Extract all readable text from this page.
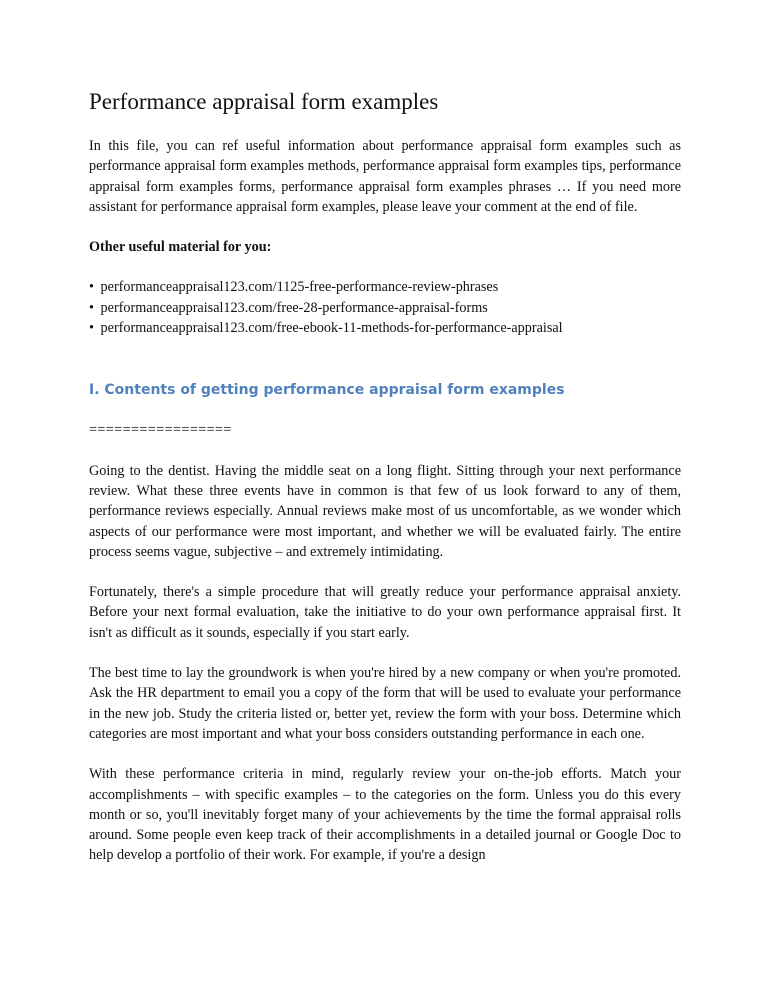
Performance appraisal form examples

In this file, you can ref useful information about performance appraisal form examples such as performance appraisal form examples methods, performance appraisal form examples tips, performance appraisal form examples forms, performance appraisal form examples phrases … If you need more assistant for performance appraisal form examples, please leave your comment at the end of file.

Other useful material for you:

• performanceappraisal123.com/1125-free-performance-review-phrases
• performanceappraisal123.com/free-28-performance-appraisal-forms
• performanceappraisal123.com/free-ebook-11-methods-for-performance-appraisal
I. Contents of getting performance appraisal form examples

=================

Going to the dentist. Having the middle seat on a long flight. Sitting through your next performance review. What these three events have in common is that few of us look forward to any of them, performance reviews especially. Annual reviews make most of us uncomfortable, as we wonder which aspects of our performance were most important, and whether we will be evaluated fairly. The entire process seems vague, subjective – and extremely intimidating.

Fortunately, there's a simple procedure that will greatly reduce your performance appraisal anxiety. Before your next formal evaluation, take the initiative to do your own performance appraisal first. It isn't as difficult as it sounds, especially if you start early.

The best time to lay the groundwork is when you're hired by a new company or when you're promoted. Ask the HR department to email you a copy of the form that will be used to evaluate your performance in the new job. Study the criteria listed or, better yet, review the form with your boss. Determine which categories are most important and what your boss considers outstanding performance in each one.

With these performance criteria in mind, regularly review your on-the-job efforts. Match your accomplishments – with specific examples – to the categories on the form. Unless you do this every month or so, you'll inevitably forget many of your achievements by the time the formal appraisal rolls around. Some people even keep track of their accomplishments in a detailed journal or Google Doc to help develop a portfolio of their work. For example, if you're a design
